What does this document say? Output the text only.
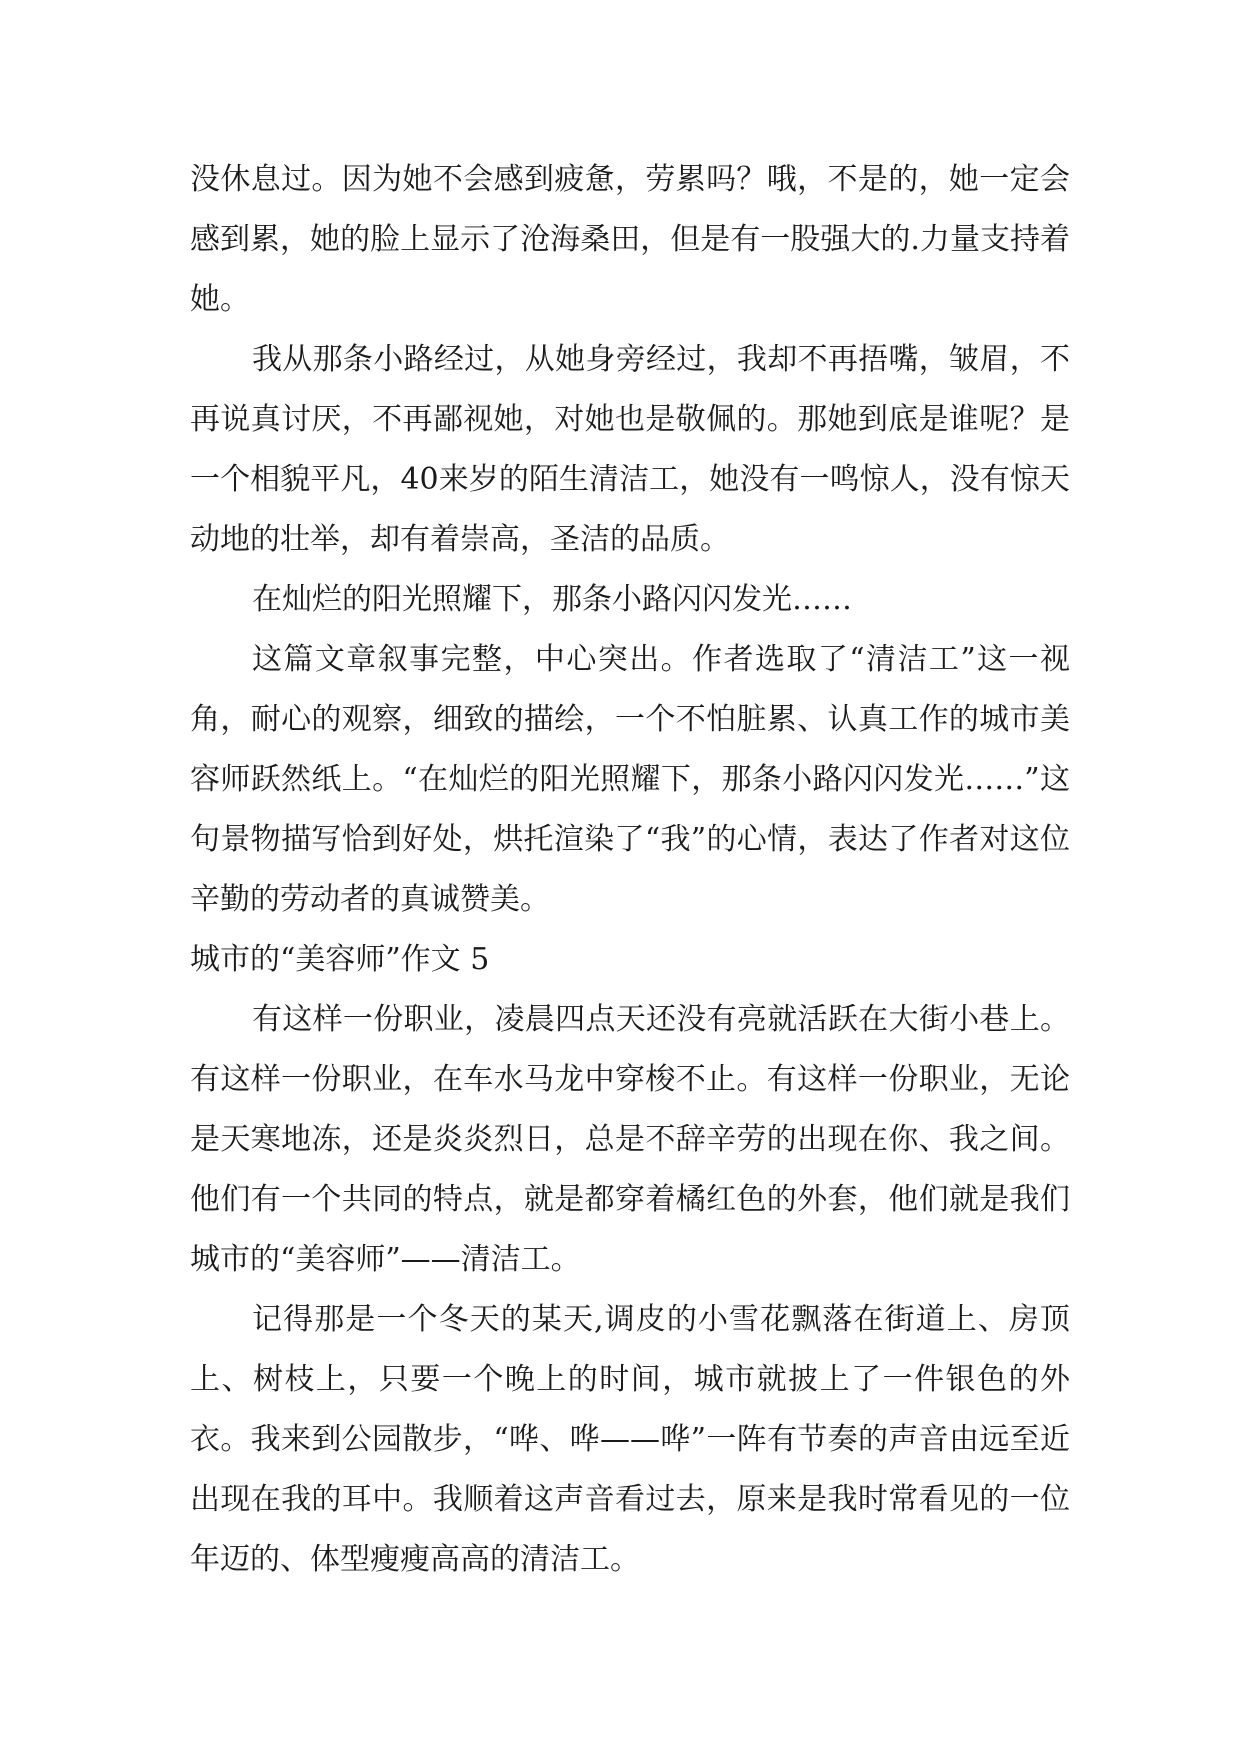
没休息过。因为她不会感到疲惫，劳累吗？哦，不是的，她一定会感到累，她的脸上显示了沧海桑田，但是有一股强大的.力量支持着她。

我从那条小路经过，从她身旁经过，我却不再捂嘴，皱眉，不再说真讨厌，不再鄙视她，对她也是敬佩的。那她到底是谁呢？是一个相貌平凡，40来岁的陌生清洁工，她没有一鸣惊人，没有惊天动地的壮举，却有着崇高，圣洁的品质。

在灿烂的阳光照耀下，那条小路闪闪发光……

这篇文章叙事完整，中心突出。作者选取了“清洁工”这一视角，耐心的观察，细致的描绘，一个不怕脏累、认真工作的城市美容师跃然纸上。“在灿烂的阳光照耀下，那条小路闪闪发光……”这句景物描写恰到好处，烘托渲染了“我”的心情，表达了作者对这位辛勤的劳动者的真诚赞美。

城市的“美容师”作文 5

有这样一份职业，凌晨四点天还没有亮就活跃在大街小巷上。有这样一份职业，在车水马龙中穿梭不止。有这样一份职业，无论是天寒地冻，还是炎炎烈日，总是不辞辛劳的出现在你、我之间。他们有一个共同的特点，就是都穿着橘红色的外套，他们就是我们城市的“美容师”——清洁工。

记得那是一个冬天的某天,调皮的小雪花飘落在街道上、房顶上、树枝上，只要一个晚上的时间，城市就披上了一件银色的外衣。我来到公园散步，“哗、哗——哗”一阵有节奏的声音由远至近出现在我的耳中。我顺着这声音看过去，原来是我时常看见的一位年迈的、体型瘦瘦高高的清洁工。
